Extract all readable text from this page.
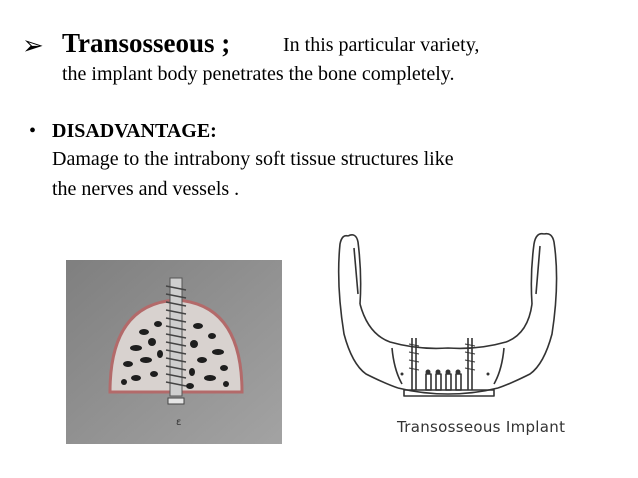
➢ Transosseous ;	In this particular variety,
the implant body penetrates the bone completely.
• DISADVANTAGE:
Damage to the intrabony soft tissue structures like
the nerves and vessels .
ε	Transosseous Implant
